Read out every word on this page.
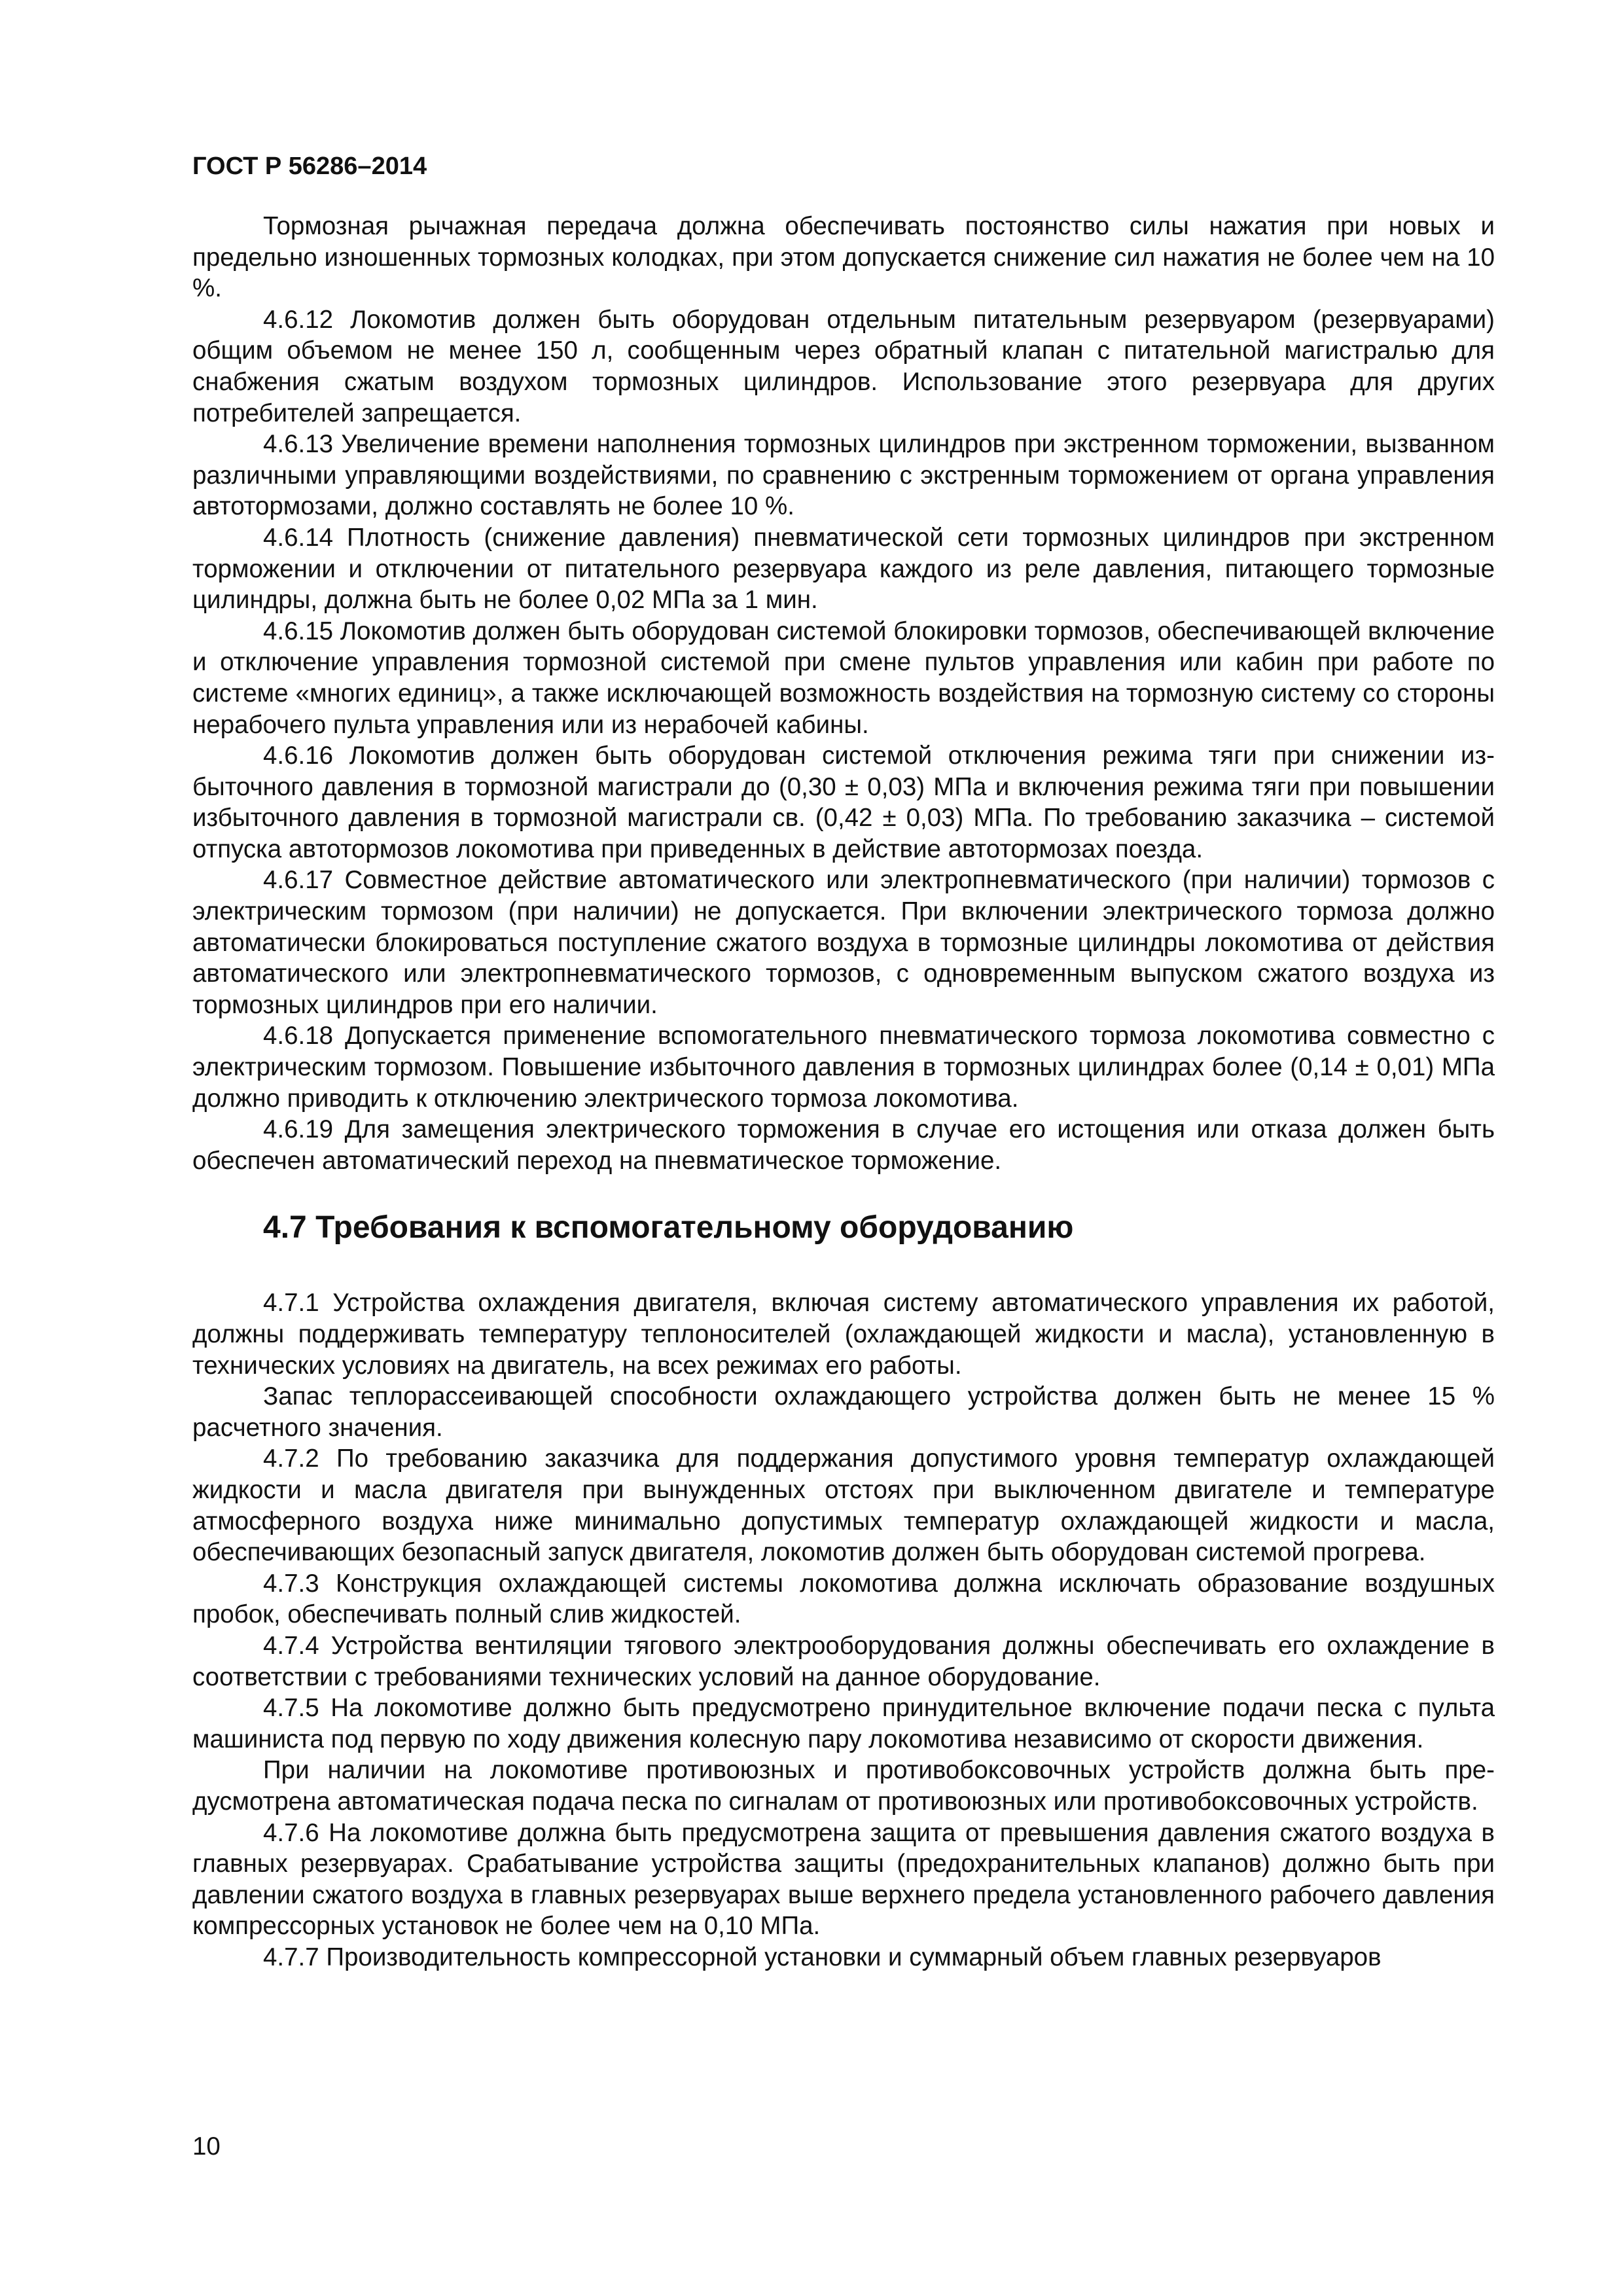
ГОСТ Р 56286–2014

Тормозная рычажная передача должна обеспечивать постоянство силы нажатия при новых и предельно изношенных тормозных колодках, при этом допускается снижение сил нажатия не более чем на 10 %.

4.6.12 Локомотив должен быть оборудован отдельным питательным резервуаром (резервуарами) общим объемом не менее 150 л, сообщенным через обратный клапан с питательной магистралью для снабжения сжатым воздухом тормозных цилиндров. Использование этого резервуара для других потребителей запрещается.

4.6.13 Увеличение времени наполнения тормозных цилиндров при экстренном торможении, вызванном различными управляющими воздействиями, по сравнению с экстренным торможением от органа управления автотормозами, должно составлять не более 10 %.

4.6.14 Плотность (снижение давления) пневматической сети тормозных цилиндров при экстренном торможении и отключении от питательного резервуара каждого из реле давления, питающего тормозные цилиндры, должна быть не более 0,02 МПа за 1 мин.

4.6.15 Локомотив должен быть оборудован системой блокировки тормозов, обеспечивающей включение и отключение управления тормозной системой при смене пультов управления или кабин при работе по системе «многих единиц», а также исключающей возможность воздействия на тормозную систему со стороны нерабочего пульта управления или из нерабочей кабины.

4.6.16 Локомотив должен быть оборудован системой отключения режима тяги при снижении избыточного давления в тормозной магистрали до (0,30 ± 0,03) МПа и включения режима тяги при повышении избыточного давления в тормозной магистрали св. (0,42 ± 0,03) МПа. По требованию заказчика – системой отпуска автотормозов локомотива при приведенных в действие автотормозах поезда.

4.6.17 Совместное действие автоматического или электропневматического (при наличии) тормозов с электрическим тормозом (при наличии) не допускается. При включении электрического тормоза должно автоматически блокироваться поступление сжатого воздуха в тормозные цилиндры локомотива от действия автоматического или электропневматического тормозов, с одновременным выпуском сжатого воздуха из тормозных цилиндров при его наличии.

4.6.18 Допускается применение вспомогательного пневматического тормоза локомотива совместно с электрическим тормозом. Повышение избыточного давления в тормозных цилиндрах более (0,14 ± 0,01) МПа должно приводить к отключению электрического тормоза локомотива.

4.6.19 Для замещения электрического торможения в случае его истощения или отказа должен быть обеспечен автоматический переход на пневматическое торможение.

4.7 Требования к вспомогательному оборудованию

4.7.1 Устройства охлаждения двигателя, включая систему автоматического управления их работой, должны поддерживать температуру теплоносителей (охлаждающей жидкости и масла), установленную в технических условиях на двигатель, на всех режимах его работы.

Запас теплорассеивающей способности охлаждающего устройства должен быть не менее 15 % расчетного значения.

4.7.2 По требованию заказчика для поддержания допустимого уровня температур охлаждающей жидкости и масла двигателя при вынужденных отстоях при выключенном двигателе и температуре атмосферного воздуха ниже минимально допустимых температур охлаждающей жидкости и масла, обеспечивающих безопасный запуск двигателя, локомотив должен быть оборудован системой прогрева.

4.7.3 Конструкция охлаждающей системы локомотива должна исключать образование воздушных пробок, обеспечивать полный слив жидкостей.

4.7.4 Устройства вентиляции тягового электрооборудования должны обеспечивать его охлаждение в соответствии с требованиями технических условий на данное оборудование.

4.7.5 На локомотиве должно быть предусмотрено принудительное включение подачи песка с пульта машиниста под первую по ходу движения колесную пару локомотива независимо от скорости движения.

При наличии на локомотиве противоюзных и противобоксовочных устройств должна быть предусмотрена автоматическая подача песка по сигналам от противоюзных или противобоксовочных устройств.

4.7.6 На локомотиве должна быть предусмотрена защита от превышения давления сжатого воздуха в главных резервуарах. Срабатывание устройства защиты (предохранительных клапанов) должно быть при давлении сжатого воздуха в главных резервуарах выше верхнего предела установленного рабочего давления компрессорных установок не более чем на 0,10 МПа.

4.7.7 Производительность компрессорной установки и суммарный объем главных резервуаров

10
